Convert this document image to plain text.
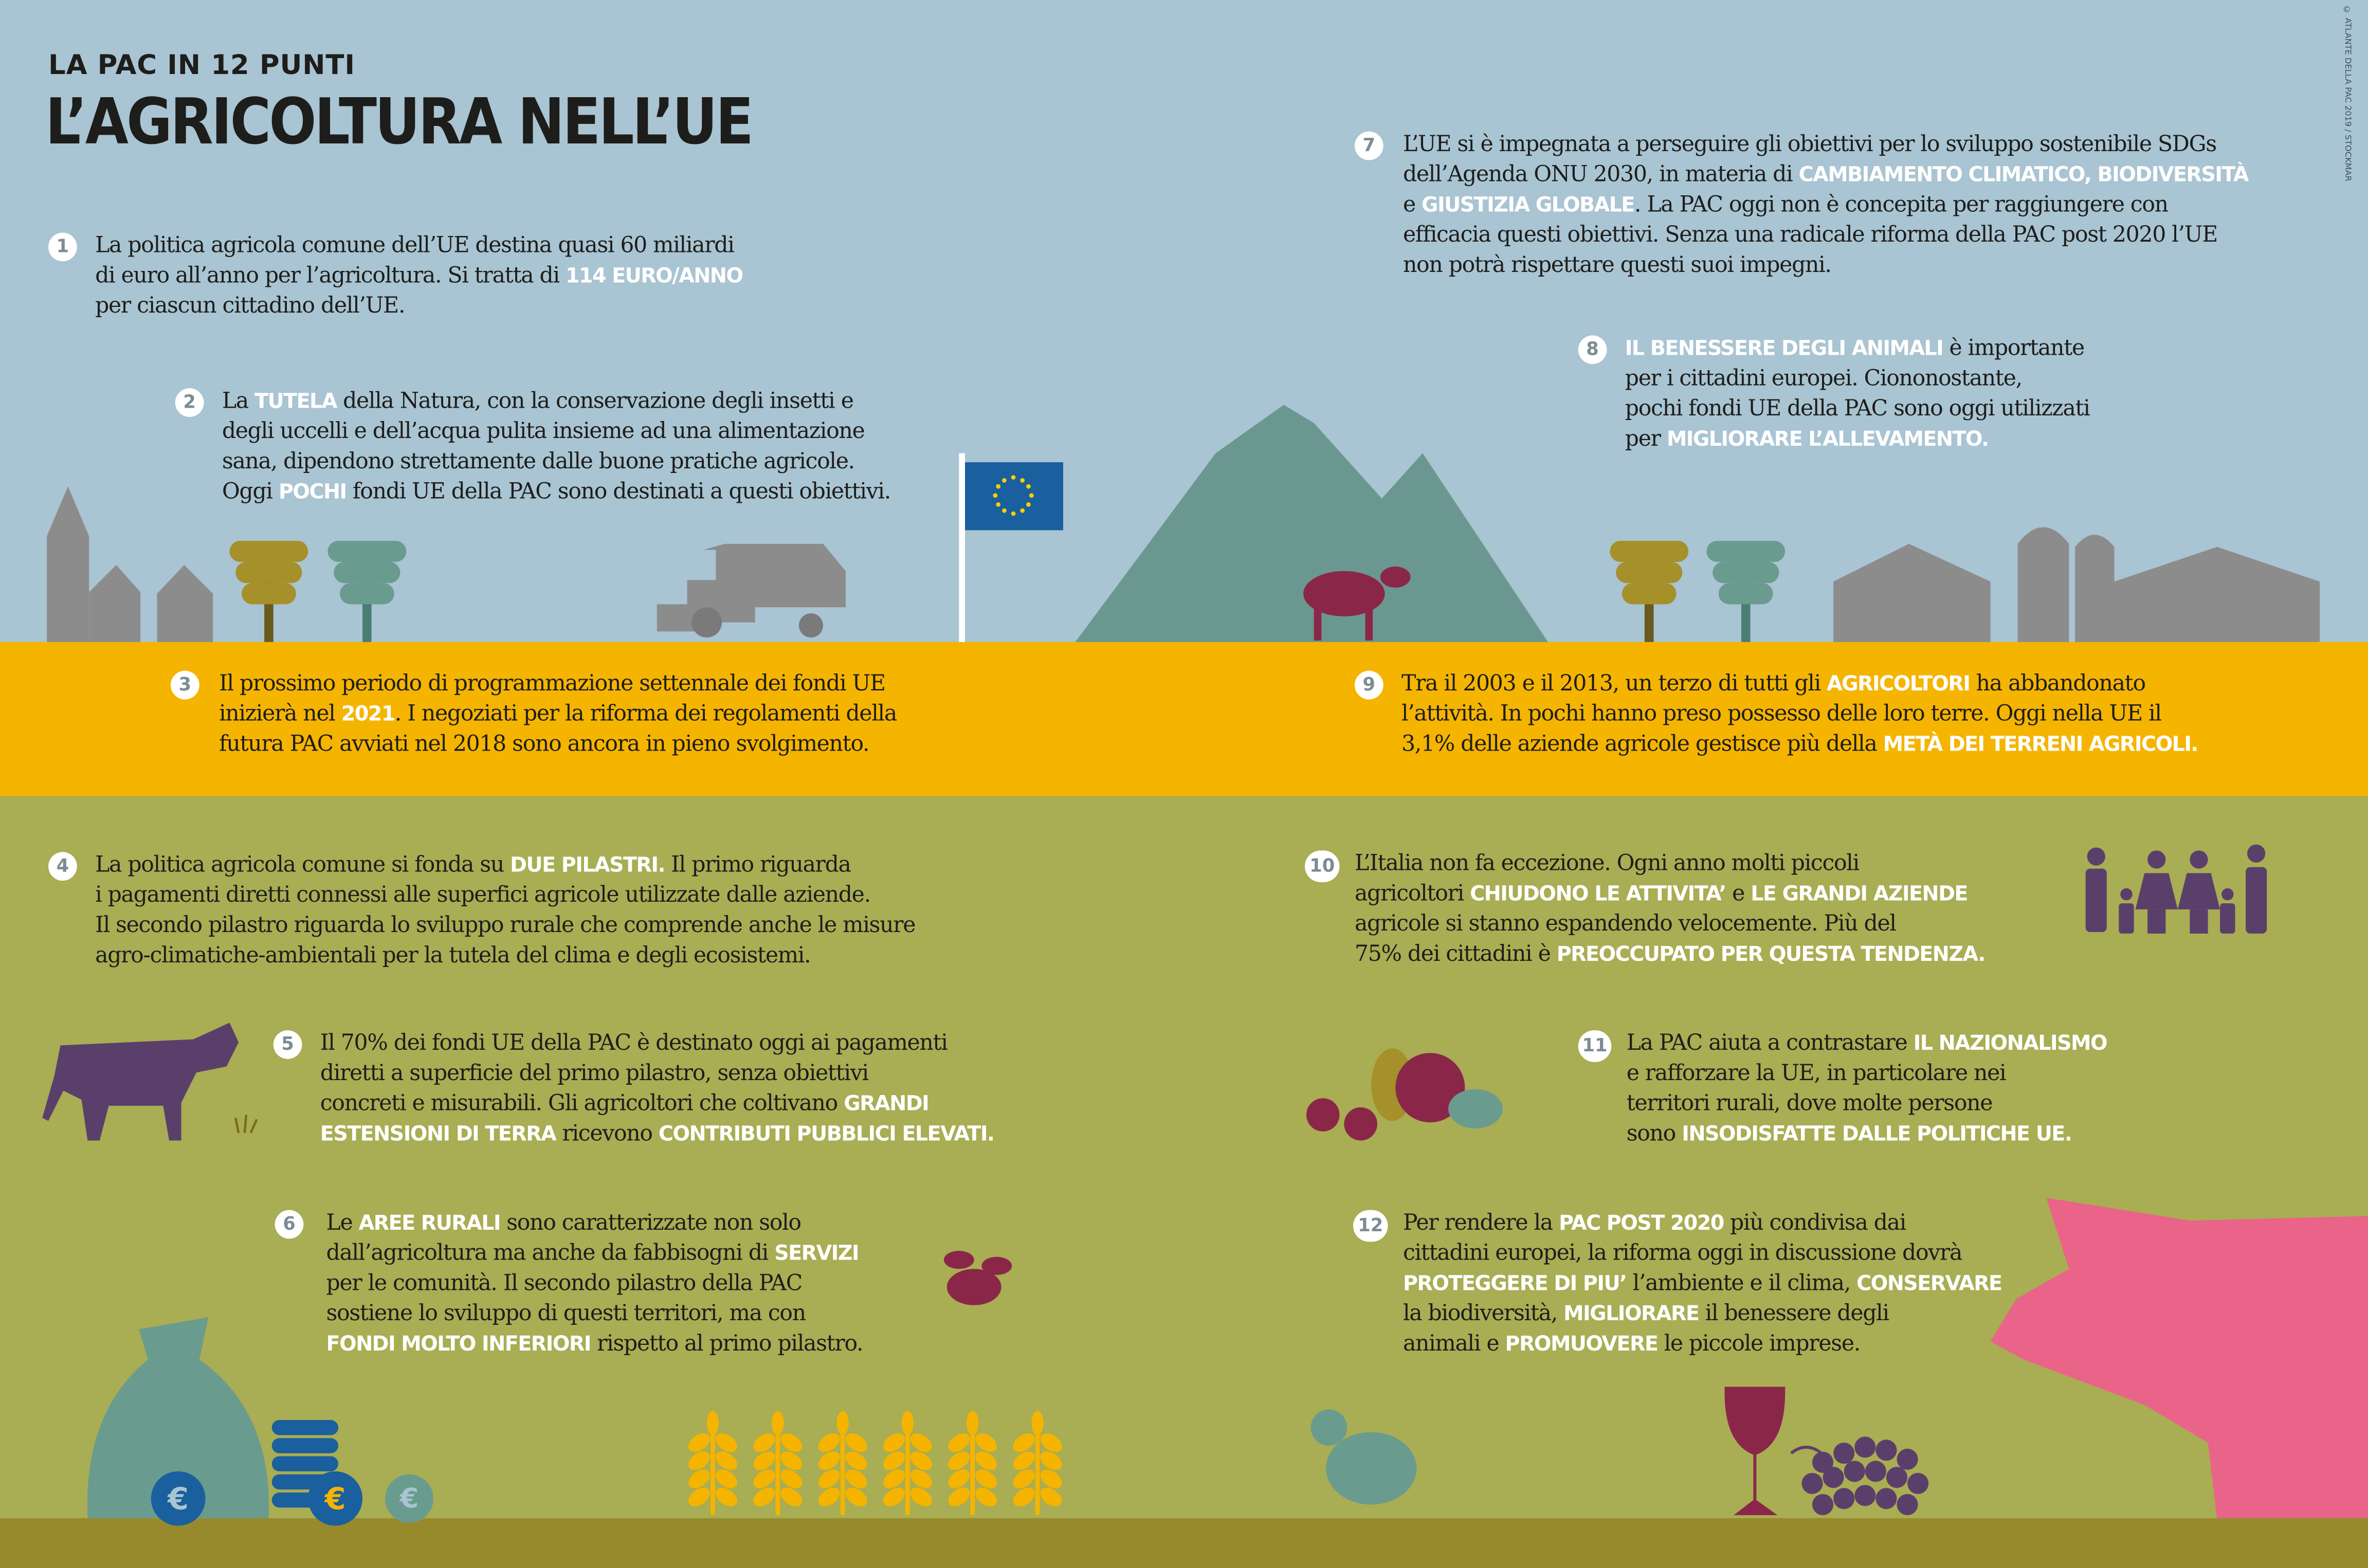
€	€	€
LA PAC IN 12 PUNTI
L’AGRICOLTURA NELL’UE	© ATLANTE DELLA PAC 2019 / STOCKMAR
1	La politica agricola comune dell’UE destina quasi 60 miliardi
di euro all’anno per l’agricoltura. Si tratta di 114 EURO/ANNO
per ciascun cittadino dell’UE.
2	La TUTELA della Natura, con la conservazione degli insetti e
degli uccelli e dell’acqua pulita insieme ad una alimentazione
sana, dipendono strettamente dalle buone pratiche agricole.
Oggi POCHI fondi UE della PAC sono destinati a questi obiettivi.
3	Il prossimo periodo di programmazione settennale dei fondi UE
inizierà nel 2021. I negoziati per la riforma dei regolamenti della
futura PAC avviati nel 2018 sono ancora in pieno svolgimento.
4	La politica agricola comune si fonda su DUE PILASTRI. Il primo riguarda
i pagamenti diretti connessi alle superfici agricole utilizzate dalle aziende.
Il secondo pilastro riguarda lo sviluppo rurale che comprende anche le misure
agro-climatiche-ambientali per la tutela del clima e degli ecosistemi.
5	Il 70% dei fondi UE della PAC è destinato oggi ai pagamenti
diretti a superficie del primo pilastro, senza obiettivi
concreti e misurabili. Gli agricoltori che coltivano GRANDI
ESTENSIONI DI TERRA ricevono CONTRIBUTI PUBBLICI ELEVATI.
6	Le AREE RURALI sono caratterizzate non solo
dall’agricoltura ma anche da fabbisogni di SERVIZI
per le comunità. Il secondo pilastro della PAC
sostiene lo sviluppo di questi territori, ma con
FONDI MOLTO INFERIORI rispetto al primo pilastro.
7	L’UE si è impegnata a perseguire gli obiettivi per lo sviluppo sostenibile SDGs
dell’Agenda ONU 2030, in materia di CAMBIAMENTO CLIMATICO, BIODIVERSITÀ
e GIUSTIZIA GLOBALE. La PAC oggi non è concepita per raggiungere con
efficacia questi obiettivi. Senza una radicale riforma della PAC post 2020 l’UE
non potrà rispettare questi suoi impegni.
8	IL BENESSERE DEGLI ANIMALI è importante
per i cittadini europei. Ciononostante,
pochi fondi UE della PAC sono oggi utilizzati
per MIGLIORARE L’ALLEVAMENTO.
9	Tra il 2003 e il 2013, un terzo di tutti gli AGRICOLTORI ha abbandonato
l’attività. In pochi hanno preso possesso delle loro terre. Oggi nella UE il
3,1% delle aziende agricole gestisce più della METÀ DEI TERRENI AGRICOLI.
10	L’Italia non fa eccezione. Ogni anno molti piccoli
agricoltori CHIUDONO LE ATTIVITA’ e LE GRANDI AZIENDE
agricole si stanno espandendo velocemente. Più del
75% dei cittadini è PREOCCUPATO PER QUESTA TENDENZA.
11	La PAC aiuta a contrastare IL NAZIONALISMO
e rafforzare la UE, in particolare nei
territori rurali, dove molte persone
sono INSODISFATTE DALLE POLITICHE UE.
12	Per rendere la PAC POST 2020 più condivisa dai
cittadini europei, la riforma oggi in discussione dovrà
PROTEGGERE DI PIU’ l’ambiente e il clima, CONSERVARE
la biodiversità, MIGLIORARE il benessere degli
animali e PROMUOVERE le piccole imprese.
